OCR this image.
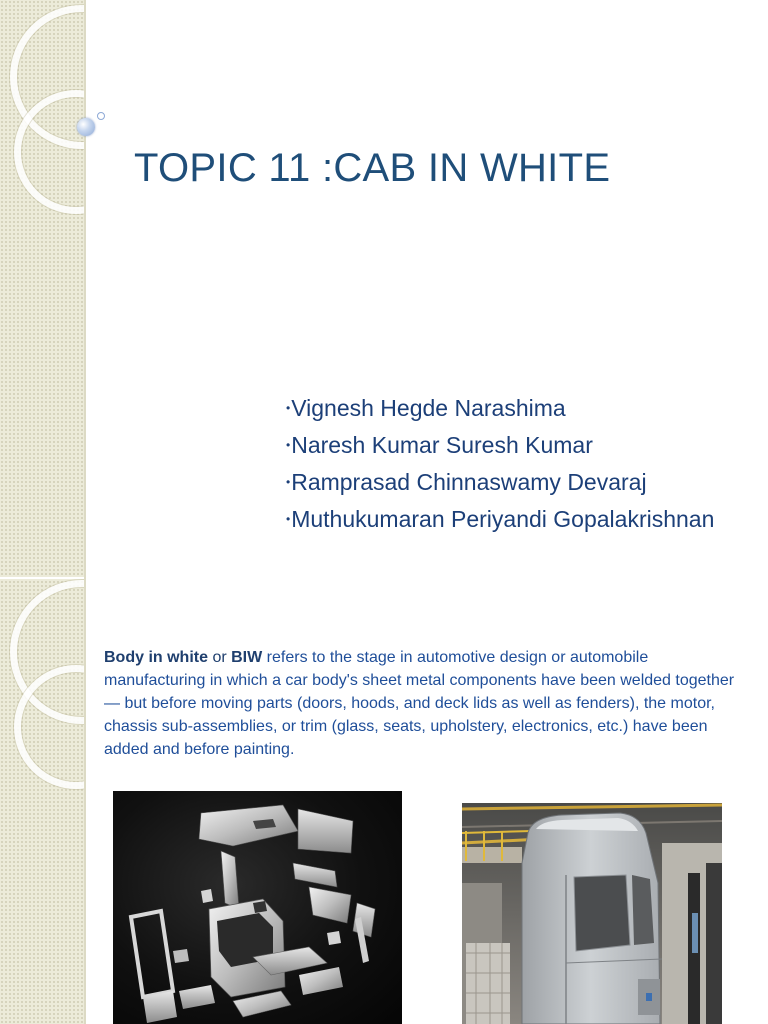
TOPIC 11 :CAB IN WHITE
•Vignesh Hegde Narashima
•Naresh Kumar Suresh Kumar
•Ramprasad Chinnaswamy Devaraj
•Muthukumaran Periyandi Gopalakrishnan

Body in white or BIW refers to the stage in automotive design or automobile manufacturing in which a car body's sheet metal components have been welded together — but before moving parts (doors, hoods, and deck lids as well as fenders), the motor, chassis sub-assemblies, or trim (glass, seats, upholstery, electronics, etc.) have been added and before painting.
